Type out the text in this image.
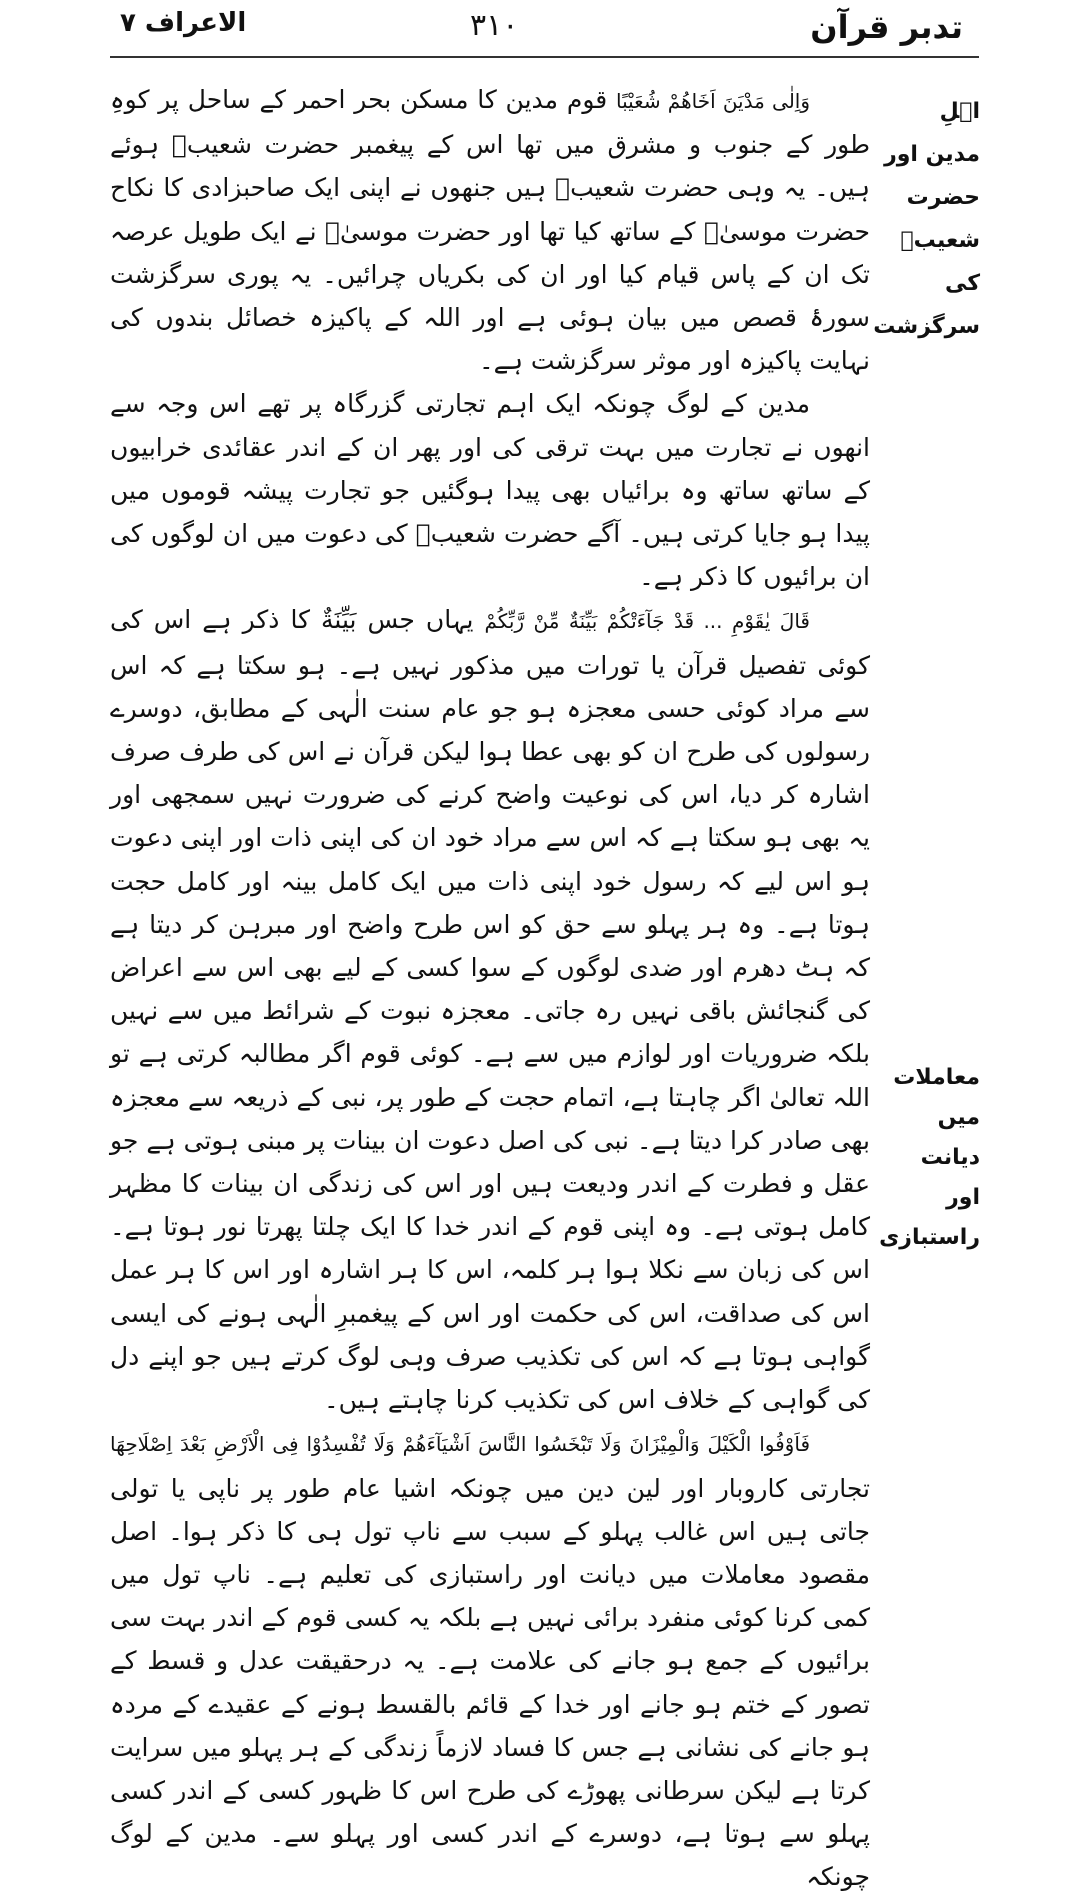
تدبر قرآن
۳۱۰
الاعراف ۷
اہلِ مدین اور حضرت شعیبؑ کی سرگزشت
معاملات میں دیانت اور راستبازی

وَاِلٰی مَدْیَنَ اَخَاهُمْ شُعَیْبًا قوم مدین کا مسکن بحر احمر کے ساحل پر کوہِ طور کے جنوب و مشرق میں تھا اس کے پیغمبر حضرت شعیبؑ ہوئے ہیں۔ یہ وہی حضرت شعیبؑ ہیں جنھوں نے اپنی ایک صاحبزادی کا نکاح حضرت موسیٰؑ کے ساتھ کیا تھا اور حضرت موسیٰؑ نے ایک طویل عرصہ تک ان کے پاس قیام کیا اور ان کی بکریاں چرائیں۔ یہ پوری سرگزشت سورۂ قصص میں بیان ہوئی ہے اور اللہ کے پاکیزہ خصائل بندوں کی نہایت پاکیزہ اور موثر سرگزشت ہے۔

مدین کے لوگ چونکہ ایک اہم تجارتی گزرگاہ پر تھے اس وجہ سے انھوں نے تجارت میں بہت ترقی کی اور پھر ان کے اندر عقائدی خرابیوں کے ساتھ ساتھ وہ برائیاں بھی پیدا ہوگئیں جو تجارت پیشہ قوموں میں پیدا ہو جایا کرتی ہیں۔ آگے حضرت شعیبؑ کی دعوت میں ان لوگوں کی ان برائیوں کا ذکر ہے۔

قَالَ یٰقَوْمِ ... قَدْ جَآءَتْكُمْ بَیِّنَةٌ مِّنْ رَّبِّكُمْ یہاں جس بَیِّنَةٌ کا ذکر ہے اس کی کوئی تفصیل قرآن یا تورات میں مذکور نہیں ہے۔ ہو سکتا ہے کہ اس سے مراد کوئی حسی معجزہ ہو جو عام سنت الٰہی کے مطابق، دوسرے رسولوں کی طرح ان کو بھی عطا ہوا لیکن قرآن نے اس کی طرف صرف اشارہ کر دیا، اس کی نوعیت واضح کرنے کی ضرورت نہیں سمجھی اور یہ بھی ہو سکتا ہے کہ اس سے مراد خود ان کی اپنی ذات اور اپنی دعوت ہو اس لیے کہ رسول خود اپنی ذات میں ایک کامل بینہ اور کامل حجت ہوتا ہے۔ وہ ہر پہلو سے حق کو اس طرح واضح اور مبرہن کر دیتا ہے کہ ہٹ دھرم اور ضدی لوگوں کے سوا کسی کے لیے بھی اس سے اعراض کی گنجائش باقی نہیں رہ جاتی۔ معجزہ نبوت کے شرائط میں سے نہیں بلکہ ضروریات اور لوازم میں سے ہے۔ کوئی قوم اگر مطالبہ کرتی ہے تو اللہ تعالیٰ اگر چاہتا ہے، اتمام حجت کے طور پر، نبی کے ذریعہ سے معجزہ بھی صادر کرا دیتا ہے۔ نبی کی اصل دعوت ان بینات پر مبنی ہوتی ہے جو عقل و فطرت کے اندر ودیعت ہیں اور اس کی زندگی ان بینات کا مظہر کامل ہوتی ہے۔ وہ اپنی قوم کے اندر خدا کا ایک چلتا پھرتا نور ہوتا ہے۔ اس کی زبان سے نکلا ہوا ہر کلمہ، اس کا ہر اشارہ اور اس کا ہر عمل اس کی صداقت، اس کی حکمت اور اس کے پیغمبرِ الٰہی ہونے کی ایسی گواہی ہوتا ہے کہ اس کی تکذیب صرف وہی لوگ کرتے ہیں جو اپنے دل کی گواہی کے خلاف اس کی تکذیب کرنا چاہتے ہیں۔

فَاَوْفُوا الْكَیْلَ وَالْمِیْزَانَ وَلَا تَبْخَسُوا النَّاسَ اَشْیَآءَهُمْ وَلَا تُفْسِدُوْا فِی الْاَرْضِ بَعْدَ اِصْلَاحِهَا تجارتی کاروبار اور لین دین میں چونکہ اشیا عام طور پر ناپی یا تولی جاتی ہیں اس غالب پہلو کے سبب سے ناپ تول ہی کا ذکر ہوا۔ اصل مقصود معاملات میں دیانت اور راستبازی کی تعلیم ہے۔ ناپ تول میں کمی کرنا کوئی منفرد برائی نہیں ہے بلکہ یہ کسی قوم کے اندر بہت سی برائیوں کے جمع ہو جانے کی علامت ہے۔ یہ درحقیقت عدل و قسط کے تصور کے ختم ہو جانے اور خدا کے قائم بالقسط ہونے کے عقیدے کے مردہ ہو جانے کی نشانی ہے جس کا فساد لازماً زندگی کے ہر پہلو میں سرایت کرتا ہے لیکن سرطانی پھوڑے کی طرح اس کا ظہور کسی کے اندر کسی پہلو سے ہوتا ہے، دوسرے کے اندر کسی اور پہلو سے۔ مدین کے لوگ چونکہ
